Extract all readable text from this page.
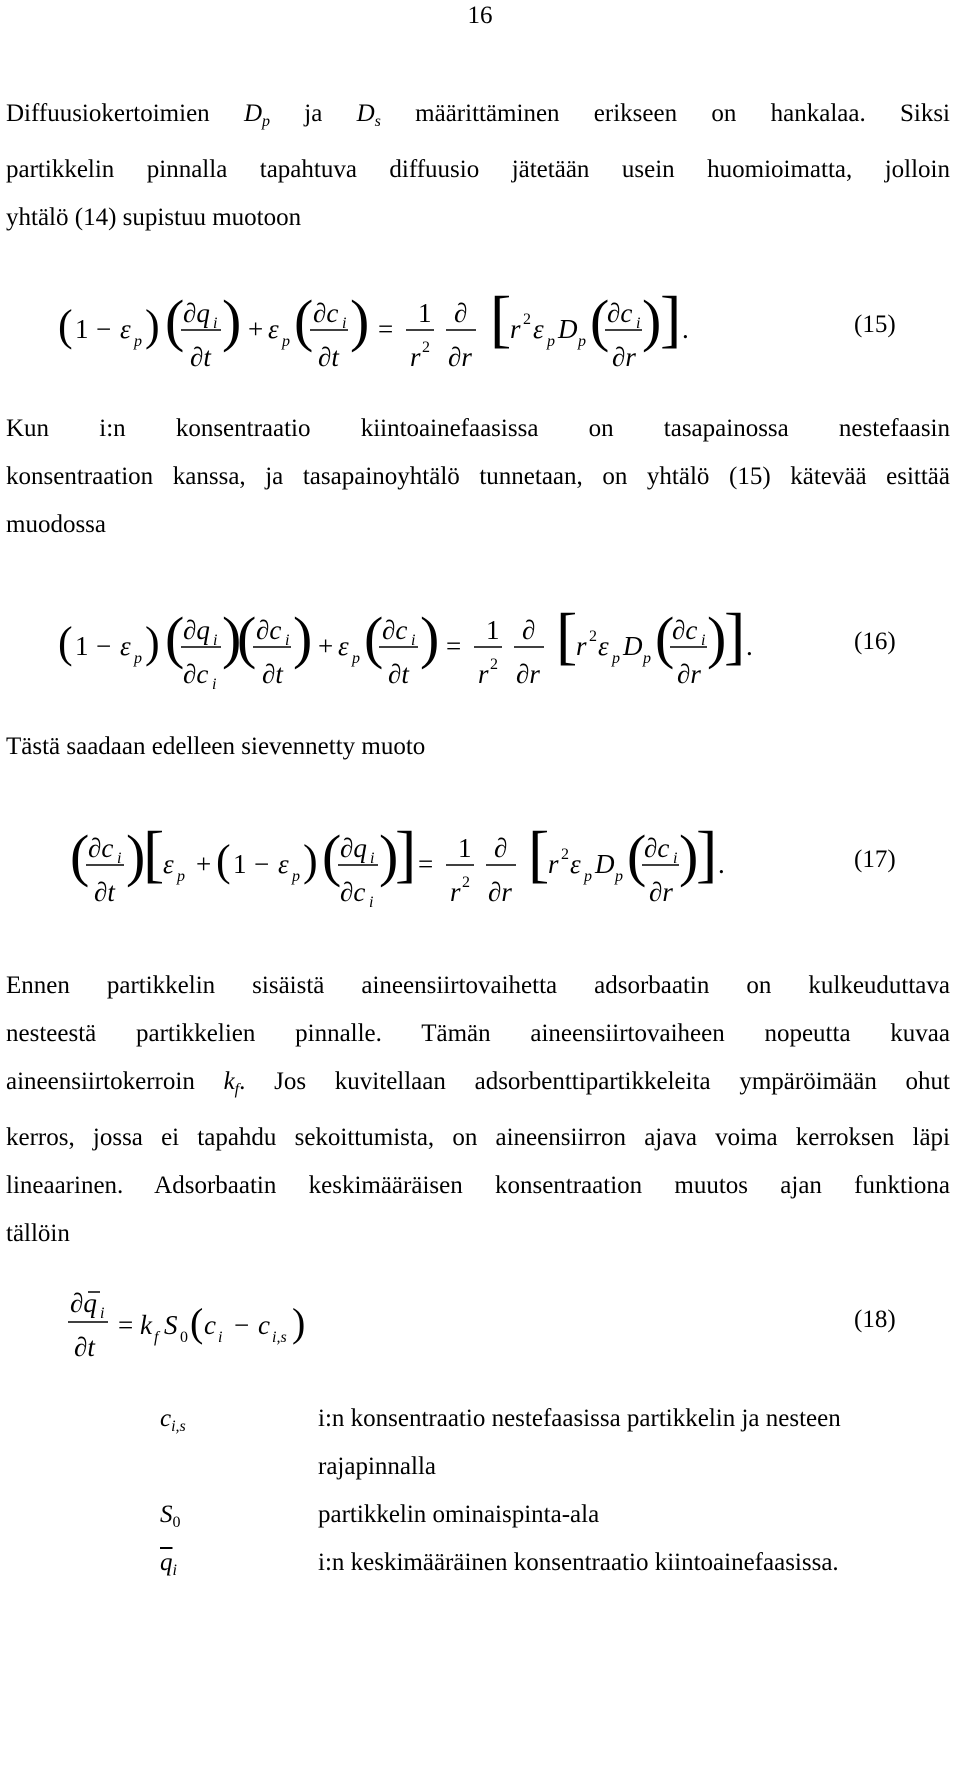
16
Diffuusiokertoimien $D_p$ ja $D_s$ määrittäminen erikseen on hankalaa. Siksi
partikkelin pinnalla tapahtuva diffuusio jätetään usein huomioimatta, jolloin
yhtälö (14) supistuu muotoon
( 1 − ε p ) (
∂q i
∂t
) + ε p ( ∂c i
∂t
) =
1
r 2
∂
∂r
[
r 2 ε p D p (
∂c i
∂r
)
] .	(15)
Kun i:n konsentraatio kiintoainefaasissa on tasapainossa nestefaasin
konsentraation kanssa, ja tasapainoyhtälö tunnetaan, on yhtälö (15) kätevää esittää
muodossa
( 1 − ε p ) (
∂q i
∂c i
)
( ∂c i
∂t
) + ε p (
∂c i
∂t
) =
1
r 2
∂
∂r
[
r 2 ε p D p (
∂c i
∂r
)
] .	(16)
Tästä saadaan edelleen sievennetty muoto
(
∂c i
∂t
)
[
ε p + ( 1 − ε p ) (
∂q i
∂c i
)
] =
1
r 2
∂
∂r
[
r 2 ε p D p (
∂c i
∂r
)
] .	(17)
Ennen partikkelin sisäistä aineensiirtovaihetta adsorbaatin on kulkeuduttava
nesteestä partikkelien pinnalle. Tämän aineensiirtovaiheen nopeutta kuvaa
aineensiirtokerroin $k_f$. Jos kuvitellaan adsorbenttipartikkeleita ympäröimään ohut
kerros, jossa ei tapahdu sekoittumista, on aineensiirron ajava voima kerroksen läpi
lineaarinen. Adsorbaatin keskimääräisen konsentraation muutos ajan funktiona
tällöin
∂q i
∂t
= k f S 0 ( c i − c i,s )	(18)
$c_{i,s}$	i:n konsentraatio nestefaasissa partikkelin ja nesteen
rajapinnalla
$S_0$	partikkelin ominaispinta-ala
$\overline{q}_i$	i:n keskimääräinen konsentraatio kiintoainefaasissa.
